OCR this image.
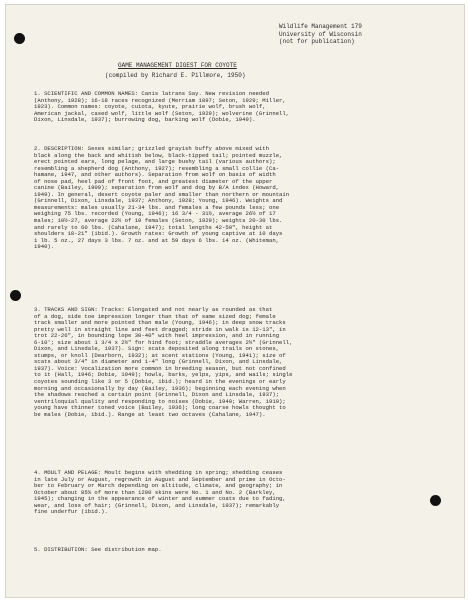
Wildlife Management 179
University of Wisconsin
(not for publication)
GAME MANAGEMENT DIGEST FOR COYOTE
(compiled by Richard E. Pillmore, 1950)
1. SCIENTIFIC AND COMMON NAMES: Canis latrans Say. New revision needed
(Anthony, 1928); 16-18 races recognized (Merriam 1897; Seton, 1929; Miller,
1923). Common names: coyote, cuiota, kyute, prairie wolf, brush wolf,
American jackal, cased wolf, little wolf (Seton, 1929); wolverine (Grinnell,
Dixon, Linsdale, 1937); burrowing dog, barking wolf (Dobie, 1949).
2. DESCRIPTION: Sexes similar; grizzled grayish buffy above mixed with
black along the back and whitish below, black-tipped tail; pointed muzzle,
erect pointed ears, long pelage, and large bushy tail (various authors);
resembling a shepherd dog (Anthony, 1927); resembling a small collie (Ca-
hamane, 1947, and other authors). Separation from wolf on basis of width
of nose pad, heel pad of front foot, and greatest diameter of the upper
canine (Bailey, 1909); separation from wolf and dog by B/A index (Howard,
1949). In general, desert coyote paler and smaller than northern or mountain
(Grinnell, Dixon, Linsdale, 1937; Anthony, 1928; Young, 1946). Weights and
measurements: males usually 21-34 lbs. and females a few pounds less; one
weighing 75 lbs. recorded (Young, 1946); 16 3/4 - 31½, average 26½ of 17
males; 10½-27, average 22½ of 10 females (Seton, 1929); weights 20-30 lbs.
and rarely to 60 lbs. (Cahalane, 1947); total lengths 42-50", height at
shoulders 18-21" (ibid.). Growth rates: Growth of young captive at 10 days
1 lb. 5 oz., 27 days 3 lbs. 7 oz. and at 59 days 6 lbs. 14 oz. (Whiteman,
1940).
3. TRACKS AND SIGN: Tracks: Elongated and not nearly as rounded as that
of a dog, side toe impression longer than that of same sized dog; female
track smaller and more pointed than male (Young, 1946); in deep snow tracks
pretty well in straight line and feet dragged; stride in walk is 12-13", in
trot 22-26", in bounding lope 30-40" with heel impression, and in running
6-10'; size about 1 3/4 x 2½" for hind foot; straddle averages 2½" (Grinnell,
Dixon, and Linsdale, 1937). Sign: scats deposited along trails on stones,
stumps, or knoll (Dearborn, 1932); at scent stations (Young, 1941); size of
scats about 3/4" in diameter and 1-4" long (Grinnell, Dixon, and Linsdale,
1937). Voice: Vocalization more common in breeding season, but not confined
to it (Hall, 1946; Dobie, 1949); howls, barks, yelps, yips, and wails; single
coyotes sounding like 3 or 5 (Dobie, ibid.); heard in the evenings or early
morning and occasionally by day (Bailey, 1936); beginning each evening when
the shadows reached a certain point (Grinnell, Dixon and Linsdale, 1937);
ventriloquial quality and responding to noises (Dobie, 1949; Warren, 1910);
young have thinner toned voice (Bailey, 1936); long coarse howls thought to
be males (Dobie, ibid.). Range at least two octaves (Cahalane, 1947).
4. MOULT AND PELAGE: Moult begins with shedding in spring; shedding ceases
in late July or August, regrowth in August and September and prime in Octo-
ber to February or March depending on altitude, climate, and geography; in
October about 85% of more than 1200 skins were No. 1 and No. 2 (Barkley,
1945); changing in the appearance of winter and summer coats due to fading,
wear, and loss of hair; (Grinnell, Dixon, and Linsdale, 1937); remarkably
fine underfur (ibid.).
5. DISTRIBUTION: See distribution map.
